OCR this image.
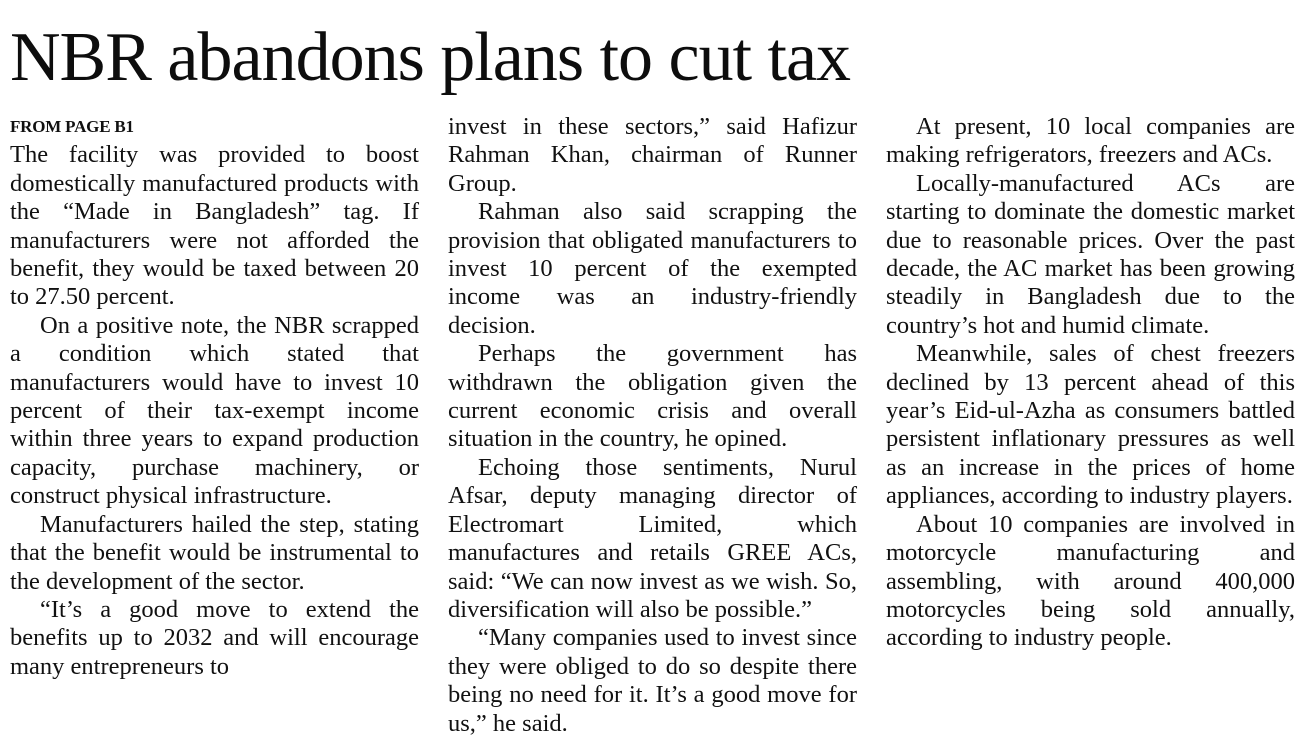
NBR abandons plans to cut tax
FROM PAGE B1

The facility was provided to boost domestically manufactured products with the “Made in Bangladesh” tag. If manufacturers were not afforded the benefit, they would be taxed between 20 to 27.50 percent.

On a positive note, the NBR scrapped a condition which stated that manufacturers would have to invest 10 percent of their tax-exempt income within three years to expand production capacity, purchase machinery, or construct physical infrastructure.

Manufacturers hailed the step, stating that the benefit would be instrumental to the development of the sector.

“It’s a good move to extend the benefits up to 2032 and will encourage many entrepreneurs to

invest in these sectors,” said Hafizur Rahman Khan, chairman of Runner Group.

Rahman also said scrapping the provision that obligated manufacturers to invest 10 percent of the exempted income was an industry-friendly decision.

Perhaps the government has withdrawn the obligation given the current economic crisis and overall situation in the country, he opined.

Echoing those sentiments, Nurul Afsar, deputy managing director of Electromart Limited, which manufactures and retails GREE ACs, said: “We can now invest as we wish. So, diversification will also be possible.”

“Many companies used to invest since they were obliged to do so despite there being no need for it. It’s a good move for us,” he said.

At present, 10 local companies are making refrigerators, freezers and ACs.

Locally-manufactured ACs are starting to dominate the domestic market due to reasonable prices. Over the past decade, the AC market has been growing steadily in Bangladesh due to the country’s hot and humid climate.

Meanwhile, sales of chest freezers declined by 13 percent ahead of this year’s Eid-ul-Azha as consumers battled persistent inflationary pressures as well as an increase in the prices of home appliances, according to industry players.

About 10 companies are involved in motorcycle manufacturing and assembling, with around 400,000 motorcycles being sold annually, according to industry people.
